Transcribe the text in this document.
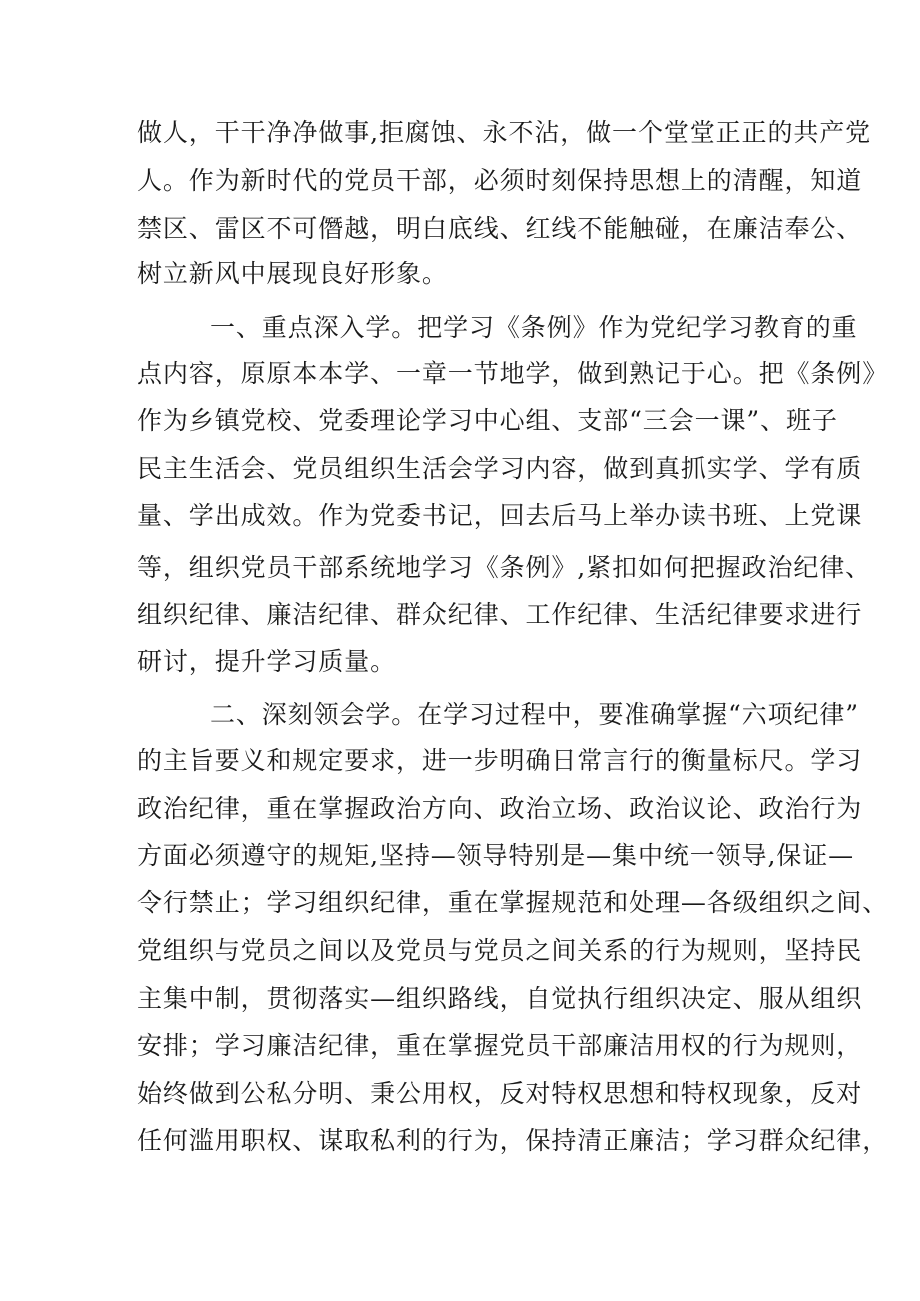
做人，干干净净做事,拒腐蚀、永不沾，做一个堂堂正正的共产党
人。作为新时代的党员干部，必须时刻保持思想上的清醒，知道
禁区、雷区不可僭越，明白底线、红线不能触碰，在廉洁奉公、
树立新风中展现良好形象。
一、重点深入学。把学习《条例》作为党纪学习教育的重
点内容，原原本本学、一章一节地学，做到熟记于心。把《条例》
作为乡镇党校、党委理论学习中心组、支部“三会一课”、班子
民主生活会、党员组织生活会学习内容，做到真抓实学、学有质
量、学出成效。作为党委书记，回去后马上举办读书班、上党课
等，组织党员干部系统地学习《条例》,紧扣如何把握政治纪律、
组织纪律、廉洁纪律、群众纪律、工作纪律、生活纪律要求进行
研讨，提升学习质量。
二、深刻领会学。在学习过程中，要准确掌握“六项纪律”
的主旨要义和规定要求，进一步明确日常言行的衡量标尺。学习
政治纪律，重在掌握政治方向、政治立场、政治议论、政治行为
方面必须遵守的规矩,坚持—领导特别是—集中统一领导,保证—
令行禁止；学习组织纪律，重在掌握规范和处理—各级组织之间、
党组织与党员之间以及党员与党员之间关系的行为规则，坚持民
主集中制，贯彻落实—组织路线，自觉执行组织决定、服从组织
安排；学习廉洁纪律，重在掌握党员干部廉洁用权的行为规则，
始终做到公私分明、秉公用权，反对特权思想和特权现象，反对
任何滥用职权、谋取私利的行为，保持清正廉洁；学习群众纪律，
